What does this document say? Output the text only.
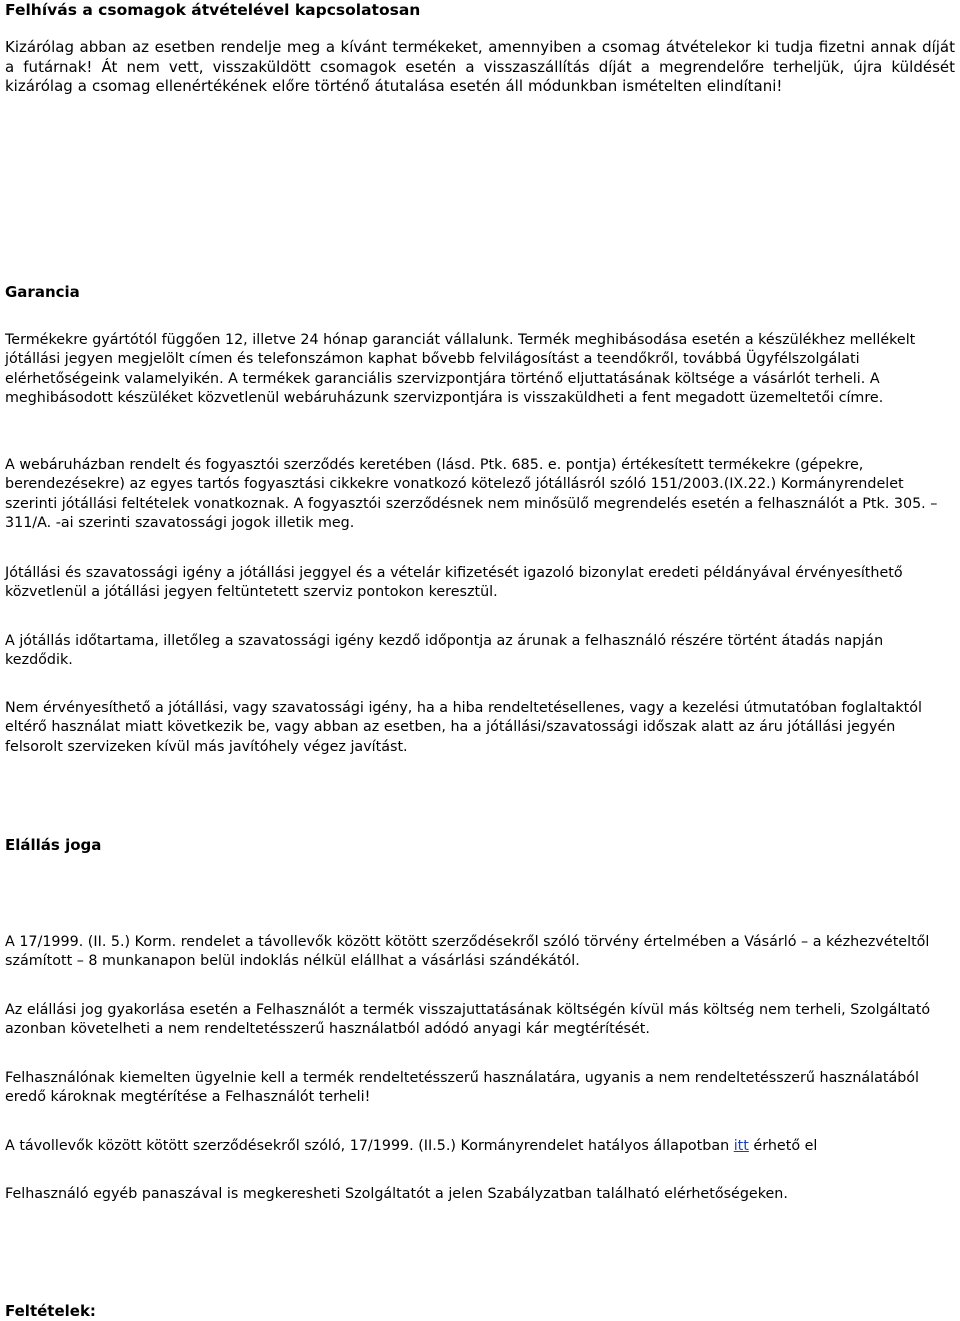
Felhívás a csomagok átvételével kapcsolatosan

Kizárólag abban az esetben rendelje meg a kívánt termékeket, amennyiben a csomag átvételekor ki tudja fizetni annak díját a futárnak! Át nem vett, visszaküldött csomagok esetén a visszaszállítás díját a megrendelőre terheljük, újra küldését kizárólag a csomag ellenértékének előre történő átutalása esetén áll módunkban ismételten elindítani!

Garancia

Termékekre gyártótól függően 12, illetve 24 hónap garanciát vállalunk. Termék meghibásodása esetén a készülékhez mellékelt jótállási jegyen megjelölt címen és telefonszámon kaphat bővebb felvilágosítást a teendőkről, továbbá Ügyfélszolgálati elérhetőségeink valamelyikén. A termékek garanciális szervizpontjára történő eljuttatásának költsége a vásárlót terheli. A meghibásodott készüléket közvetlenül webáruházunk szervizpontjára is visszaküldheti a fent megadott üzemeltetői címre.

A webáruházban rendelt és fogyasztói szerződés keretében (lásd. Ptk. 685. e. pontja) értékesített termékekre (gépekre, berendezésekre) az egyes tartós fogyasztási cikkekre vonatkozó kötelező jótállásról szóló 151/2003.(IX.22.) Kormányrendelet szerinti jótállási feltételek vonatkoznak. A fogyasztói szerződésnek nem minősülő megrendelés esetén a felhasználót a Ptk. 305. – 311/A. -ai szerinti szavatossági jogok illetik meg.

Jótállási és szavatossági igény a jótállási jeggyel és a vételár kifizetését igazoló bizonylat eredeti példányával érvényesíthető közvetlenül a jótállási jegyen feltüntetett szerviz pontokon keresztül.

A jótállás időtartama, illetőleg a szavatossági igény kezdő időpontja az árunak a felhasználó részére történt átadás napján kezdődik.

Nem érvényesíthető a jótállási, vagy szavatossági igény, ha a hiba rendeltetésellenes, vagy a kezelési útmutatóban foglaltaktól eltérő használat miatt következik be, vagy abban az esetben, ha a jótállási/szavatossági időszak alatt az áru jótállási jegyén felsorolt szervizeken kívül más javítóhely végez javítást.

Elállás joga

A 17/1999. (II. 5.) Korm. rendelet a távollevők között kötött szerződésekről szóló törvény értelmében a Vásárló – a kézhezvételtől számított – 8 munkanapon belül indoklás nélkül elállhat a vásárlási szándékától.

Az elállási jog gyakorlása esetén a Felhasználót a termék visszajuttatásának költségén kívül más költség nem terheli, Szolgáltató azonban követelheti a nem rendeltetésszerű használatból adódó anyagi kár megtérítését.

Felhasználónak kiemelten ügyelnie kell a termék rendeltetésszerű használatára, ugyanis a nem rendeltetésszerű használatából eredő károknak megtérítése a Felhasználót terheli!

A távollevők között kötött szerződésekről szóló, 17/1999. (II.5.) Kormányrendelet hatályos állapotban itt érhető el

Felhasználó egyéb panaszával is megkeresheti Szolgáltatót a jelen Szabályzatban található elérhetőségeken.

Feltételek:
